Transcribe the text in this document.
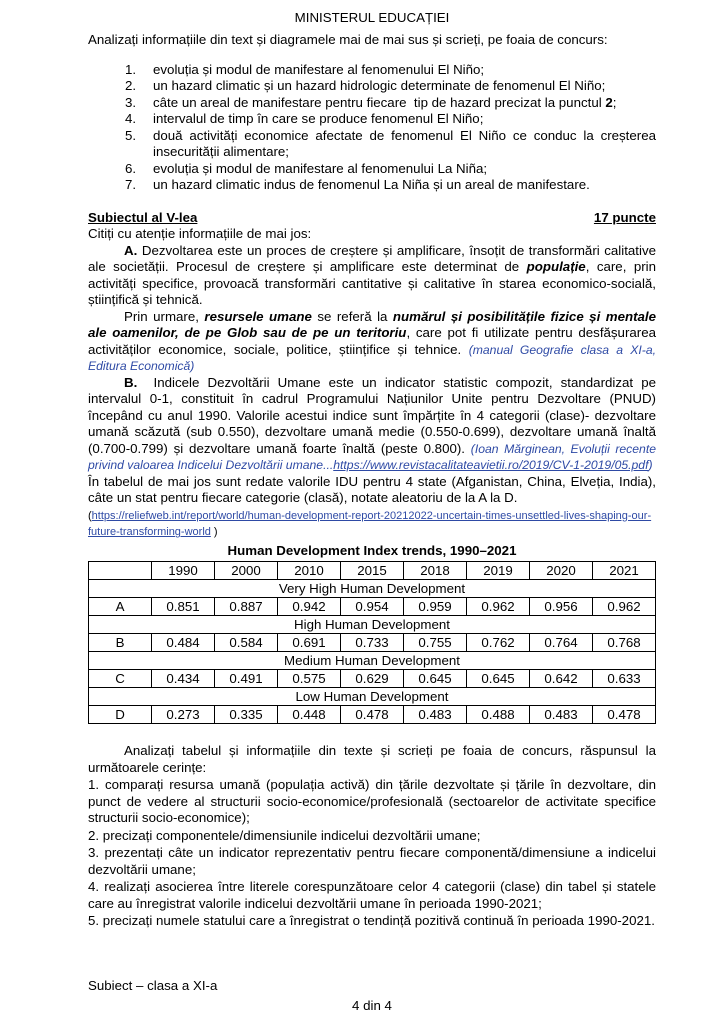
MINISTERUL EDUCAȚIEI

Analizați informațiile din text și diagramele mai de mai sus și scrieți, pe foaia de concurs:

1. evoluția și modul de manifestare al fenomenului El Niño;
2. un hazard climatic și un hazard hidrologic determinate de fenomenul El Niño;
3. câte un areal de manifestare pentru fiecare  tip de hazard precizat la punctul 2;
4. intervalul de timp în care se produce fenomenul El Niño;
5. două activități economice afectate de fenomenul El Niño ce conduc la creșterea insecurității alimentare;
6. evoluția și modul de manifestare al fenomenului La Niña;
7. un hazard climatic indus de fenomenul La Niña și un areal de manifestare.
Subiectul al V-lea	17 puncte

Citiți cu atenție informațiile de mai jos:

A. Dezvoltarea este un proces de creștere și amplificare, însoțit de transformări calitative ale societății. Procesul de creștere și amplificare este determinat de populație, care, prin activități specifice, provoacă transformări cantitative și calitative în starea economico-socială, științifică și tehnică.

Prin urmare, resursele umane se referă la numărul și posibilitățile fizice și mentale ale oamenilor, de pe Glob sau de pe un teritoriu, care pot fi utilizate pentru desfășurarea activităților economice, sociale, politice, științifice și tehnice. (manual Geografie clasa a XI-a, Editura Economică)

B.  Indicele Dezvoltării Umane este un indicator statistic compozit, standardizat pe intervalul 0-1, constituit în cadrul Programului Națiunilor Unite pentru Dezvoltare (PNUD) începând cu anul 1990. Valorile acestui indice sunt împărțite în 4 categorii (clase)- dezvoltare umană scăzută (sub 0.550), dezvoltare umană medie (0.550-0.699), dezvoltare umană înaltă (0.700-0.799) și dezvoltare umană foarte înaltă (peste 0.800). (Ioan Mărginean, Evoluții recente privind valoarea Indicelui Dezvoltării umane...https://www.revistacalitateavietii.ro/2019/CV-1-2019/05.pdf)

În tabelul de mai jos sunt redate valorile IDU pentru 4 state (Afganistan, China, Elveția, India), câte un stat pentru fiecare categorie (clasă), notate aleatoriu de la A la D.

(https://reliefweb.int/report/world/human-development-report-20212022-uncertain-times-unsettled-lives-shaping-our-future-transforming-world )

Human Development Index trends, 1990–2021
	1990	2000	2010	2015	2018	2019	2020	2021
Very High Human Development								
A	0.851	0.887	0.942	0.954	0.959	0.962	0.956	0.962
High Human Development								
B	0.484	0.584	0.691	0.733	0.755	0.762	0.764	0.768
Medium Human Development								
C	0.434	0.491	0.575	0.629	0.645	0.645	0.642	0.633
Low Human Development								
D	0.273	0.335	0.448	0.478	0.483	0.488	0.483	0.478

Analizați tabelul și informațiile din texte și scrieți pe foaia de concurs, răspunsul la următoarele cerințe:

1. comparați resursa umană (populația activă) din țările dezvoltate și țările în dezvoltare, din punct de vedere al structurii socio-economice/profesională (sectoarelor de activitate specifice structurii socio-economice);

2. precizați componentele/dimensiunile indicelui dezvoltării umane;

3. prezentați câte un indicator reprezentativ pentru fiecare componentă/dimensiune a indicelui dezvoltării umane;

4. realizați asocierea între literele corespunzătoare celor 4 categorii (clase) din tabel și statele care au înregistrat valorile indicelui dezvoltării umane în perioada 1990-2021;

5. precizați numele statului care a înregistrat o tendință pozitivă continuă în perioada 1990-2021.

Subiect – clasa a XI-a
4 din 4
